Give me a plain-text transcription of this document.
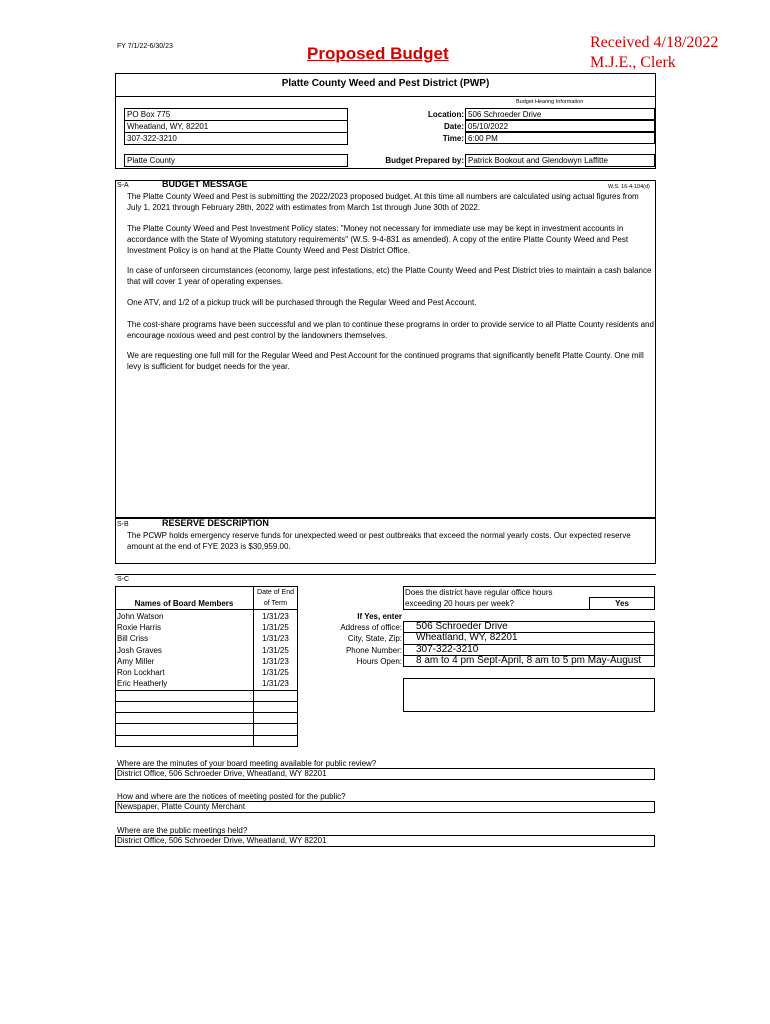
FY 7/1/22-6/30/23	Proposed Budget
Received 4/18/2022
M.J.E., Clerk
Platte County Weed and Pest District (PWP)
PO Box 775
Wheatland, WY, 82201
307-322-3210
Platte County
Budget Hearing Information
Location: 506 Schroeder Drive
Date: 05/10/2022
Time: 6:00 PM
Budget Prepared by: Patrick Bookout and Glendowyn Laffitte
S-A	BUDGET MESSAGE	W.S. 16-4-104(d)
The Platte County Weed and Pest is submitting the 2022/2023 proposed budget. At this time all numbers are calculated using actual figures from July 1, 2021 through February 28th, 2022 with estimates from March 1st through June 30th of 2022.
The Platte County Weed and Pest Investment Policy states: "Money not necessary for immediate use may be kept in investment accounts in accordance with the State of Wyoming statutory requirements" (W.S. 9-4-831 as amended). A copy of the entire Platte County Weed and Pest Investment Policy is on hand at the Platte County Weed and Pest District Office.
In case of unforseen circumstances (economy, large pest infestations, etc) the Platte County Weed and Pest District tries to maintain a cash balance that will cover 1 year of operating expenses.
One ATV, and 1/2 of a pickup truck will be purchased through the Regular Weed and Pest Account.
The cost-share programs have been successful and we plan to continue these programs in order to provide service to all Platte County residents and encourage noxious weed and pest control by the landowners themselves.
We are requesting one full mill for the Regular Weed and Pest Account for the continued programs that significantly benefit Platte County. One mill levy is sufficient for budget needs for the year.
S-B	RESERVE DESCRIPTION
The PCWP holds emergency reserve funds for unexpected weed or pest outbreaks that exceed the normal yearly costs. Our expected reserve amount at the end of FYE 2023 is $30,959.00.
S-C
Names of Board Members
Date of End
of Term
John Watson	1/31/23
Roxie Harris	1/31/25
Bill Criss	1/31/23
Josh Graves	1/31/25
Amy Miller	1/31/23
Ron Lockhart	1/31/25
Eric Heatherly	1/31/23
Does the district have regular office hours
exceeding 20 hours per week?	Yes
If Yes, enter
Address of office: 506 Schroeder Drive
City, State, Zip: Wheatland, WY, 82201
Phone Number: 307-322-3210
Hours Open: 8 am to 4 pm Sept-April, 8 am to 5 pm May-August
Where are the minutes of your board meeting available for public review?
District Office, 506 Schroeder Drive, Wheatland, WY 82201
How and where are the notices of meeting posted for the public?
Newspaper, Platte County Merchant
Where are the public meetings held?
District Office, 506 Schroeder Drive, Wheatland, WY 82201
